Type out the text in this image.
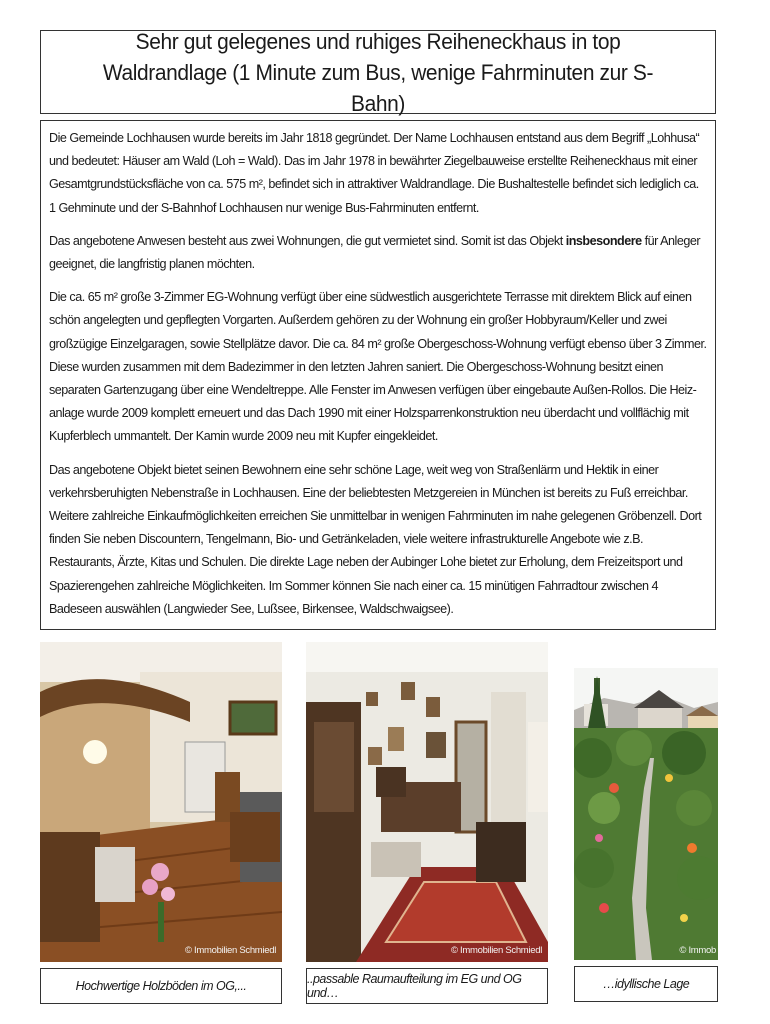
Sehr gut gelegenes und ruhiges Reiheneckhaus in top Waldrandlage (1 Minute zum Bus, wenige Fahrminuten zur S-Bahn)

Die Gemeinde Lochhausen wurde bereits im Jahr 1818 gegründet. Der Name Lochhausen entstand aus dem Begriff „Lohhusa“ und bedeutet: Häuser am Wald (Loh = Wald). Das im Jahr 1978 in bewährter Ziegelbauweise erstellte Reiheneckhaus mit einer Gesamtgrundstücksfläche von ca. 575 m², befindet sich in attraktiver Waldrandlage. Die Bushaltestelle befindet sich lediglich ca. 1 Gehminute und der S-Bahnhof Lochhausen nur wenige Bus-Fahrminuten entfernt.

Das angebotene Anwesen besteht aus zwei Wohnungen, die gut vermietet sind. Somit ist das Objekt insbesondere für Anleger geeignet, die langfristig planen möchten.

Die ca. 65 m² große 3-Zimmer EG-Wohnung verfügt über eine südwestlich ausgerichtete Terrasse mit direktem Blick auf einen schön angelegten und gepflegten Vorgarten. Außerdem gehören zu der Wohnung ein großer Hobbyraum/Keller und zwei großzügige Einzelgaragen, sowie Stellplätze davor. Die ca. 84 m² große Obergeschoss-Wohnung verfügt ebenso über 3 Zimmer. Diese wurden zusammen mit dem Badezimmer in den letzten Jahren saniert. Die Obergeschoss-Wohnung besitzt einen separaten Gartenzugang über eine Wendeltreppe. Alle Fenster im Anwesen verfügen über eingebaute Außen-Rollos. Die Heiz-anlage wurde 2009 komplett erneuert und das Dach 1990 mit einer Holzsparrenkonstruktion neu überdacht und vollflächig mit Kupferblech ummantelt. Der Kamin wurde 2009 neu mit Kupfer eingekleidet.

Das angebotene Objekt bietet seinen Bewohnern eine sehr schöne Lage, weit weg von Straßenlärm und Hektik in einer verkehrsberuhigten Nebenstraße in Lochhausen. Eine der beliebtesten Metzgereien in München ist bereits zu Fuß erreichbar. Weitere zahlreiche Einkaufmöglichkeiten erreichen Sie unmittelbar in wenigen Fahrminuten im nahe gelegenen Gröbenzell. Dort finden Sie neben Discountern, Tengelmann, Bio- und Getränkeladen, viele weitere infrastrukturelle Angebote wie z.B. Restaurants, Ärzte, Kitas und Schulen. Die direkte Lage neben der Aubinger Lohe bietet zur Erholung, dem Freizeitsport und Spazierengehen zahlreiche Möglichkeiten. Im Sommer können Sie nach einer ca. 15 minütigen Fahrradtour zwischen 4 Badeseen auswählen (Langwieder See, Lußsee, Birkensee, Waldschwaigsee).

© Immobilien Schmiedl	© Immobilien Schmiedl	© Immob
Hochwertige Holzböden im OG,...	..passable Raumaufteilung im EG und OG und…
…idyllische Lage
